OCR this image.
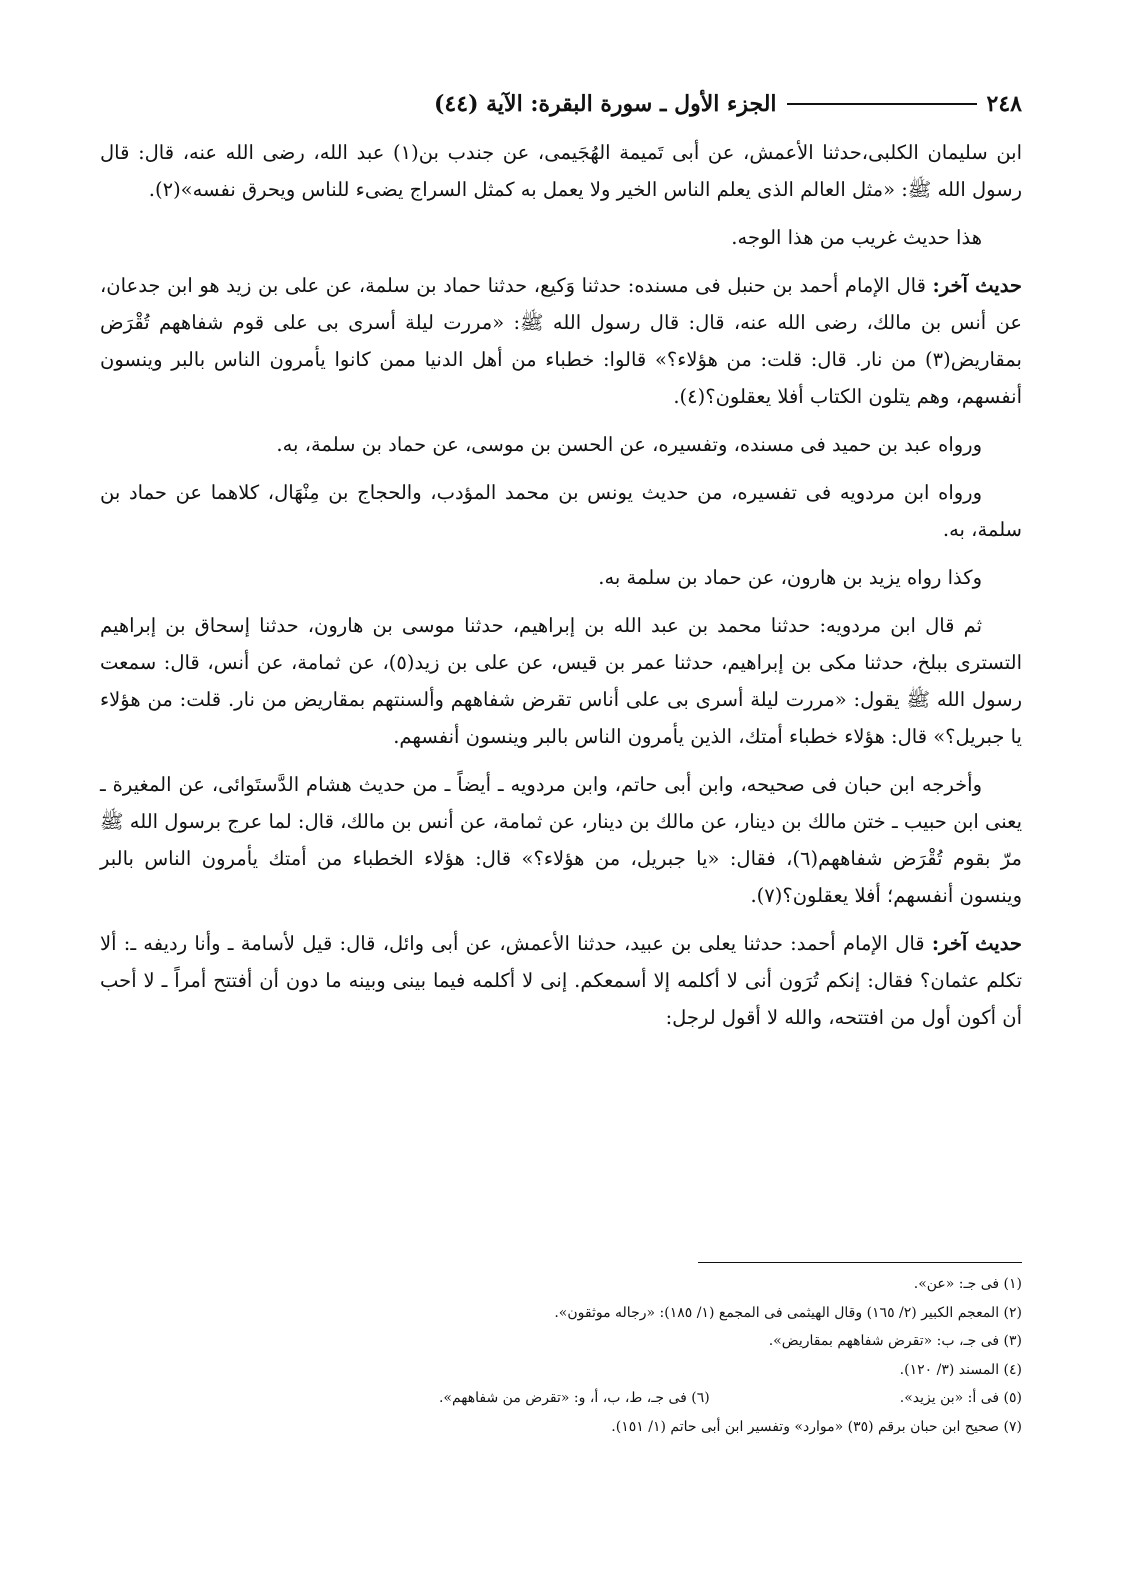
٢٤٨
الجزء الأول ـ سورة البقرة: الآية (٤٤)

ابن سليمان الكلبى،حدثنا الأعمش، عن أبى تَميمة الهُجَيمى، عن جندب بن(١) عبد الله، رضى الله عنه، قال: قال رسول الله ﷺ: «مثل العالم الذى يعلم الناس الخير ولا يعمل به كمثل السراج يضىء للناس ويحرق نفسه»(٢).

هذا حديث غريب من هذا الوجه.

حديث آخر: قال الإمام أحمد بن حنبل فى مسنده: حدثنا وَكيع، حدثنا حماد بن سلمة، عن على بن زيد هو ابن جدعان، عن أنس بن مالك، رضى الله عنه، قال: قال رسول الله ﷺ: «مررت ليلة أسرى بى على قوم شفاههم تُقْرَض بمقاريض(٣) من نار. قال: قلت: من هؤلاء؟» قالوا: خطباء من أهل الدنيا ممن كانوا يأمرون الناس بالبر وينسون أنفسهم، وهم يتلون الكتاب أفلا يعقلون؟(٤).

ورواه عبد بن حميد فى مسنده، وتفسيره، عن الحسن بن موسى، عن حماد بن سلمة، به.

ورواه ابن مردويه فى تفسيره، من حديث يونس بن محمد المؤدب، والحجاج بن مِنْهَال، كلاهما عن حماد بن سلمة، به.

وكذا رواه يزيد بن هارون، عن حماد بن سلمة به.

ثم قال ابن مردويه: حدثنا محمد بن عبد الله بن إبراهيم، حدثنا موسى بن هارون، حدثنا إسحاق بن إبراهيم التسترى ببلخ، حدثنا مكى بن إبراهيم، حدثنا عمر بن قيس، عن على بن زيد(٥)، عن ثمامة، عن أنس، قال: سمعت رسول الله ﷺ يقول: «مررت ليلة أسرى بى على أناس تقرض شفاههم وألسنتهم بمقاريض من نار. قلت: من هؤلاء يا جبريل؟» قال: هؤلاء خطباء أمتك، الذين يأمرون الناس بالبر وينسون أنفسهم.

وأخرجه ابن حبان فى صحيحه، وابن أبى حاتم، وابن مردويه ـ أيضاً ـ من حديث هشام الدَّستَوائى، عن المغيرة ـ يعنى ابن حبيب ـ ختن مالك بن دينار، عن مالك بن دينار، عن ثمامة، عن أنس بن مالك، قال: لما عرج برسول الله ﷺ مرّ بقوم تُقْرَض شفاههم(٦)، فقال: «يا جبريل، من هؤلاء؟» قال: هؤلاء الخطباء من أمتك يأمرون الناس بالبر وينسون أنفسهم؛ أفلا يعقلون؟(٧).

حديث آخر: قال الإمام أحمد: حدثنا يعلى بن عبيد، حدثنا الأعمش، عن أبى وائل، قال: قيل لأسامة ـ وأنا رديفه ـ: ألا تكلم عثمان؟ فقال: إنكم تُرَون أنى لا أكلمه إلا أسمعكم. إنى لا أكلمه فيما بينى وبينه ما دون أن أفتتح أمراً ـ لا أحب أن أكون أول من افتتحه، والله لا أقول لرجل:

(١) فى جـ: «عن».
(٢) المعجم الكبير (٢/ ١٦٥) وقال الهيثمى فى المجمع (١/ ١٨٥): «رجاله موثقون».
(٣) فى جـ، ب: «تقرض شفاههم بمقاريض».
(٤) المسند (٣/ ١٢٠).
(٥) فى أ: «بن يزيد».
(٦) فى جـ، ط، ب، أ، و: «تقرض من شفاههم».
(٧) صحيح ابن حبان برقم (٣٥) «موارد» وتفسير ابن أبى حاتم (١/ ١٥١).
